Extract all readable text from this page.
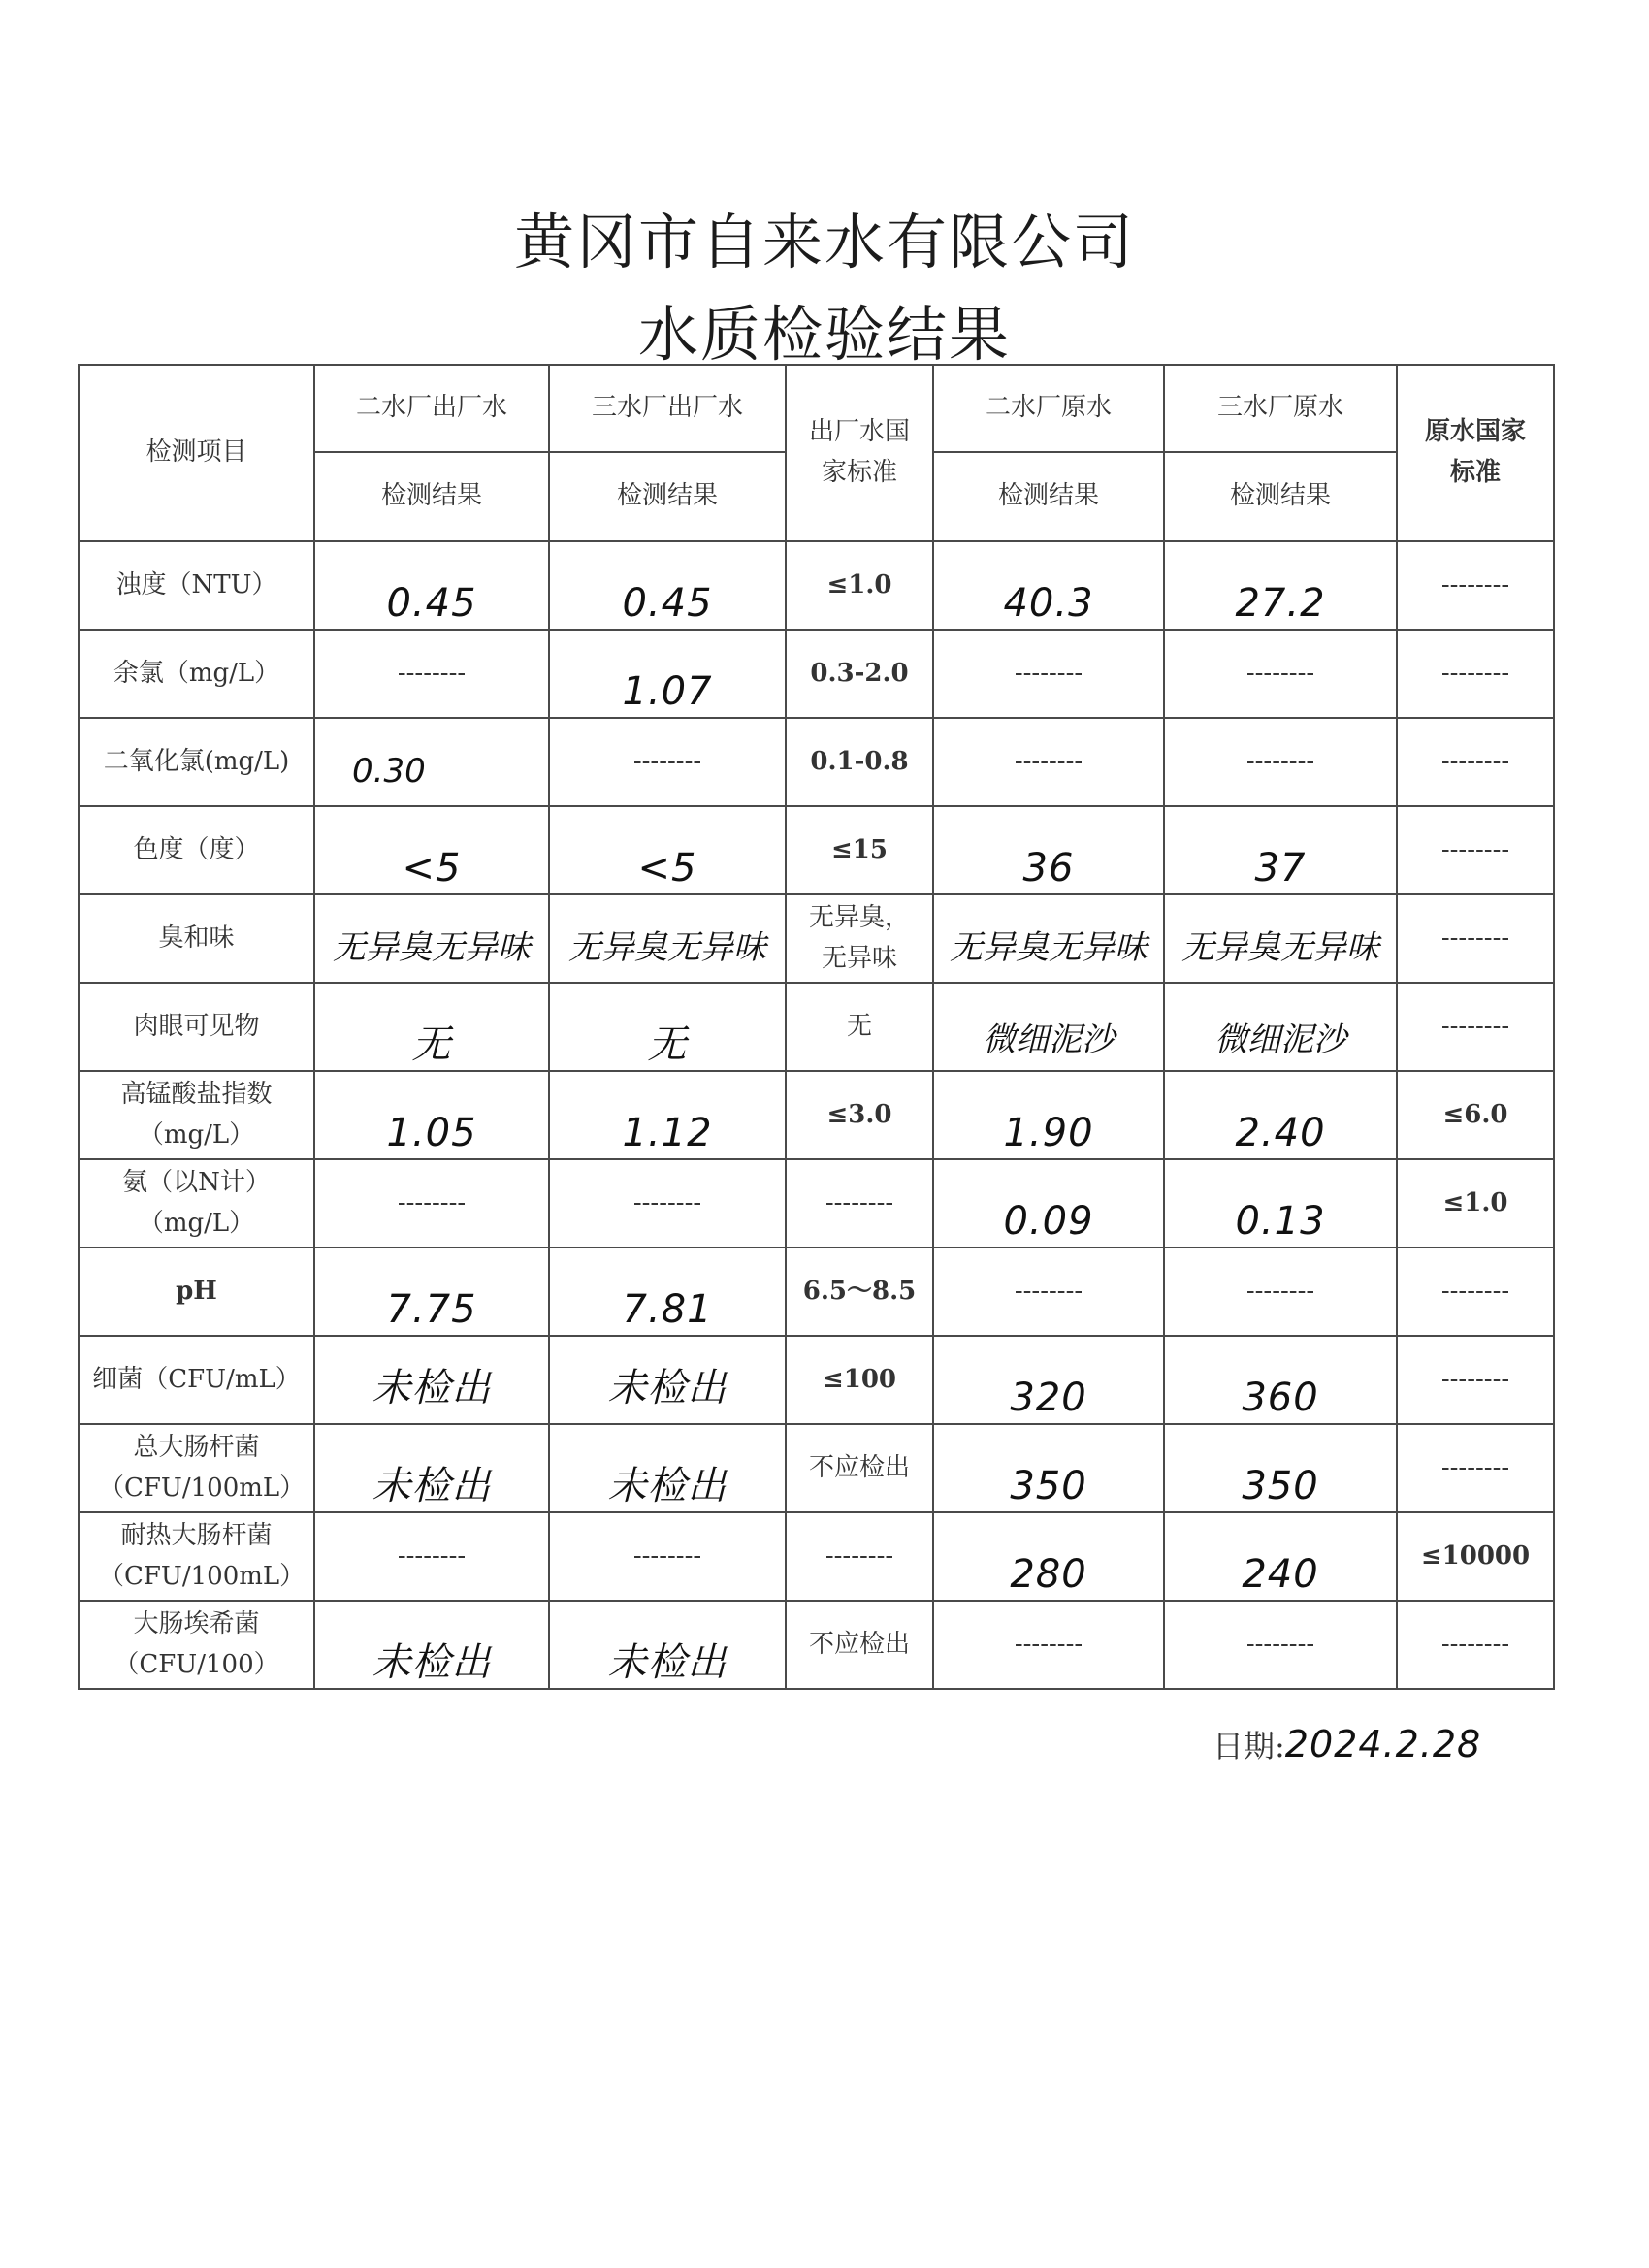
黄冈市自来水有限公司
水质检验结果
检测项目	二水厂出厂水	三水厂出厂水	出厂水国家标准	二水厂原水	三水厂原水	原水国家标准
	检测结果	检测结果		检测结果	检测结果	
浊度（NTU）	0.45	0.45	≤1.0	40.3	27.2	--------
余氯（mg/L）	--------	1.07	0.3-2.0	--------	--------	--------
二氧化氯(mg/L)	0.30	--------	0.1-0.8	--------	--------	--------
色度（度）	<5	<5	≤15	36	37	--------
臭和味	无异臭无异味	无异臭无异味	无异臭，无异味	无异臭无异味	无异臭无异味	--------
肉眼可见物	无	无	无	微细泥沙	微细泥沙	--------
高锰酸盐指数（mg/L）	1.05	1.12	≤3.0	1.90	2.40	≤6.0
氨（以N计）（mg/L）	--------	--------	--------	0.09	0.13	≤1.0
pH	7.75	7.81	6.5～8.5	--------	--------	--------
细菌（CFU/mL）	未检出	未检出	≤100	320	360	--------
总大肠杆菌（CFU/100mL）	未检出	未检出	不应检出	350	350	--------
耐热大肠杆菌（CFU/100mL）	--------	--------	--------	280	240	≤10000
大肠埃希菌（CFU/100）	未检出	未检出	不应检出	--------	--------	--------
日期:2024.2.28
